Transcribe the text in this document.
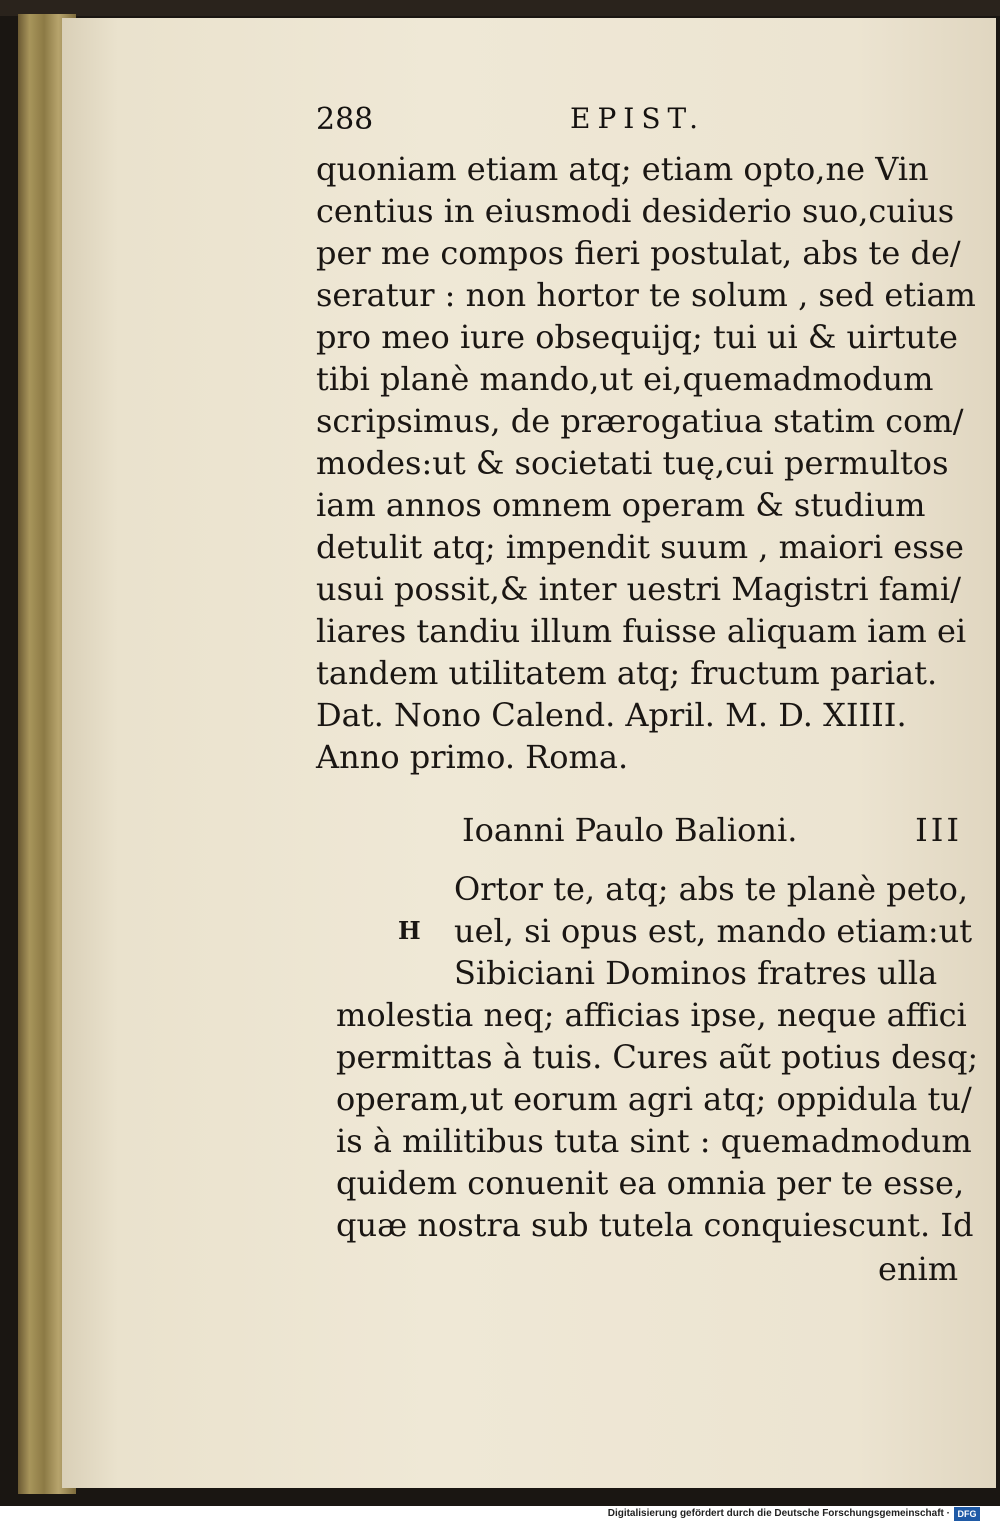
288	EPIST.
quoniam etiam atq; etiam opto,ne Vin
centius in eiusmodi desiderio suo,cuius
per me compos fieri postulat, abs te de/
seratur : non hortor te solum , sed etiam
pro meo iure obsequijq; tui ui & uirtute
tibi planè mando,ut ei,quemadmodum
scripsimus, de prærogatiua statim com/
modes:ut & societati tuę,cui permultos
iam annos omnem operam & studium
detulit atq; impendit suum , maiori esse
usui possit,& inter uestri Magistri fami/
liares tandiu illum fuisse aliquam iam ei
tandem utilitatem atq; fructum pariat.
Dat. Nono Calend. April. M. D. XIIII.
Anno primo. Roma.
Ioanni Paulo Balioni.	III
H
Ortor te, atq; abs te planè peto,
uel, si opus est, mando etiam:ut
Sibiciani Dominos fratres ulla
molestia neq; afficias ipse, neque affici
permittas à tuis. Cures aũt potius desq;
operam,ut eorum agri atq; oppidula tu/
is à militibus tuta sint : quemadmodum
quidem conuenit ea omnia per te esse,
quæ nostra sub tutela conquiescunt. Id
enim
Digitalisierung gefördert durch die Deutsche Forschungsgemeinschaft · DFG
